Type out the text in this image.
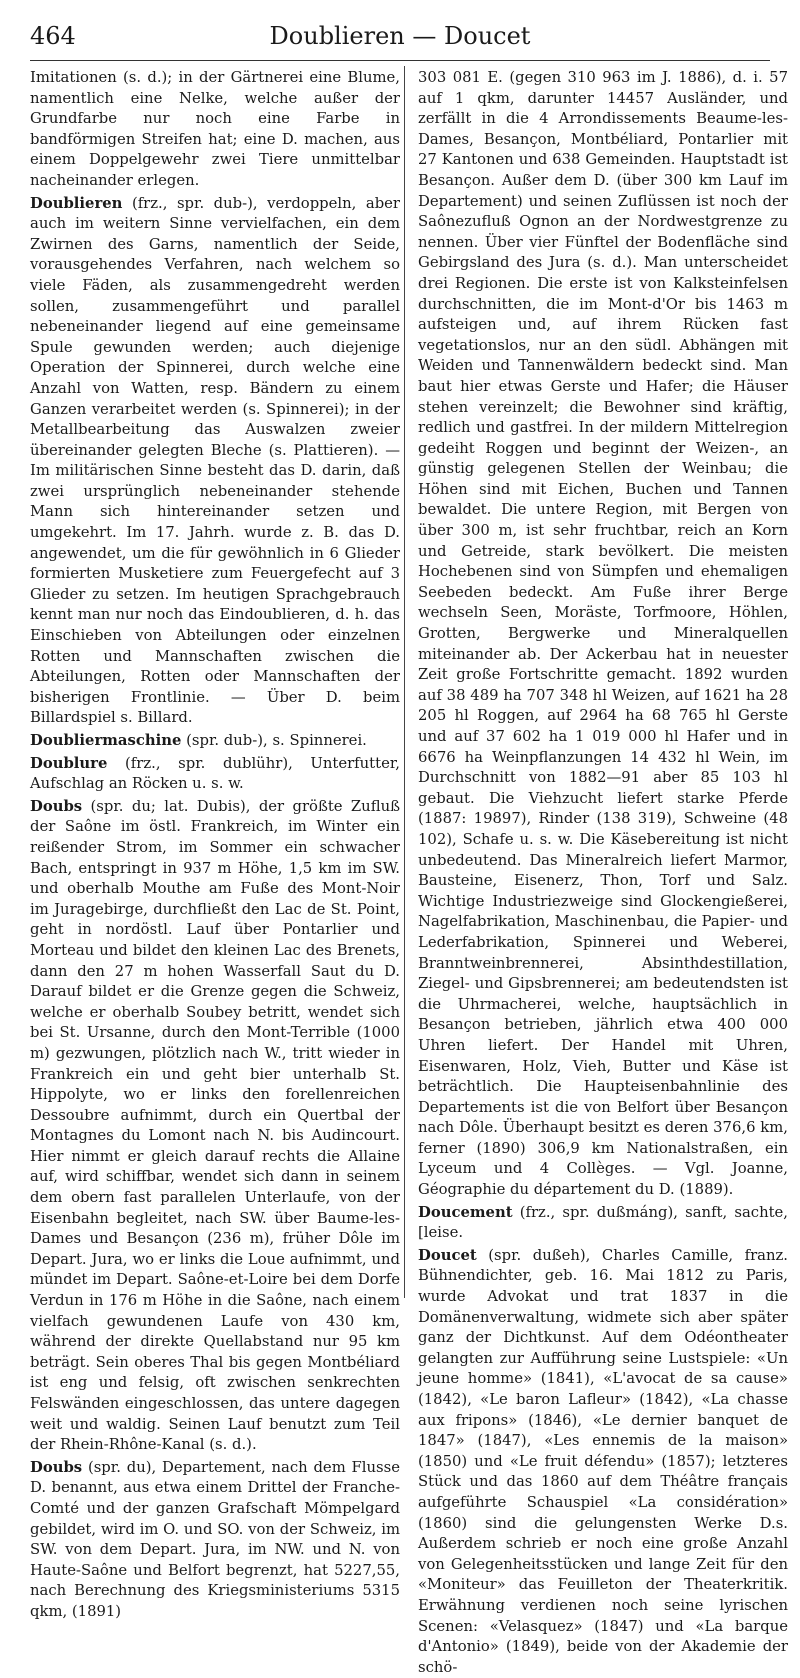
464	Doublieren — Doucet

Imitationen (s. d.); in der Gärtnerei eine Blume, namentlich eine Nelke, welche außer der Grundfarbe nur noch eine Farbe in bandförmigen Streifen hat; eine D. machen, aus einem Doppelgewehr zwei Tiere unmittelbar nacheinander erlegen.

Doublieren (frz., spr. dub-), verdoppeln, aber auch im weitern Sinne vervielfachen, ein dem Zwirnen des Garns, namentlich der Seide, vorausgehendes Verfahren, nach welchem so viele Fäden, als zusammengedreht werden sollen, zusammengeführt und parallel nebeneinander liegend auf eine gemeinsame Spule gewunden werden; auch diejenige Operation der Spinnerei, durch welche eine Anzahl von Watten, resp. Bändern zu einem Ganzen verarbeitet werden (s. Spinnerei); in der Metallbearbeitung das Auswalzen zweier übereinander gelegten Bleche (s. Plattieren). — Im militärischen Sinne besteht das D. darin, daß zwei ursprünglich nebeneinander stehende Mann sich hintereinander setzen und umgekehrt. Im 17. Jahrh. wurde z. B. das D. angewendet, um die für gewöhnlich in 6 Glieder formierten Musketiere zum Feuergefecht auf 3 Glieder zu setzen. Im heutigen Sprachgebrauch kennt man nur noch das Eindoublieren, d. h. das Einschieben von Abteilungen oder einzelnen Rotten und Mannschaften zwischen die Abteilungen, Rotten oder Mannschaften der bisherigen Frontlinie. — Über D. beim Billardspiel s. Billard.

Doubliermaschine (spr. dub-), s. Spinnerei.

Doublure (frz., spr. dublühr), Unterfutter, Aufschlag an Röcken u. s. w.

Doubs (spr. du; lat. Dubis), der größte Zufluß der Saône im östl. Frankreich, im Winter ein reißender Strom, im Sommer ein schwacher Bach, entspringt in 937 m Höhe, 1,5 km im SW. und oberhalb Mouthe am Fuße des Mont-Noir im Juragebirge, durchfließt den Lac de St. Point, geht in nordöstl. Lauf über Pontarlier und Morteau und bildet den kleinen Lac des Brenets, dann den 27 m hohen Wasserfall Saut du D. Darauf bildet er die Grenze gegen die Schweiz, welche er oberhalb Soubey betritt, wendet sich bei St. Ursanne, durch den Mont-Terrible (1000 m) gezwungen, plötzlich nach W., tritt wieder in Frankreich ein und geht bier unterhalb St. Hippolyte, wo er links den forellenreichen Dessoubre aufnimmt, durch ein Quertbal der Montagnes du Lomont nach N. bis Audincourt. Hier nimmt er gleich darauf rechts die Allaine auf, wird schiffbar, wendet sich dann in seinem dem obern fast parallelen Unterlaufe, von der Eisenbahn begleitet, nach SW. über Baume-les-Dames und Besançon (236 m), früher Dôle im Depart. Jura, wo er links die Loue aufnimmt, und mündet im Depart. Saône-et-Loire bei dem Dorfe Verdun in 176 m Höhe in die Saône, nach einem vielfach gewundenen Laufe von 430 km, während der direkte Quellabstand nur 95 km beträgt. Sein oberes Thal bis gegen Montbéliard ist eng und felsig, oft zwischen senkrechten Felswänden eingeschlossen, das untere dagegen weit und waldig. Seinen Lauf benutzt zum Teil der Rhein-Rhône-Kanal (s. d.).

Doubs (spr. du), Departement, nach dem Flusse D. benannt, aus etwa einem Drittel der Franche-Comté und der ganzen Grafschaft Mömpelgard gebildet, wird im O. und SO. von der Schweiz, im SW. von dem Depart. Jura, im NW. und N. von Haute-Saône und Belfort begrenzt, hat 5227,55, nach Berechnung des Kriegsministeriums 5315 qkm, (1891)

303 081 E. (gegen 310 963 im J. 1886), d. i. 57 auf 1 qkm, darunter 14457 Ausländer, und zerfällt in die 4 Arrondissements Beaume-les-Dames, Besançon, Montbéliard, Pontarlier mit 27 Kantonen und 638 Gemeinden. Hauptstadt ist Besançon. Außer dem D. (über 300 km Lauf im Departement) und seinen Zuflüssen ist noch der Saônezufluß Ognon an der Nordwestgrenze zu nennen. Über vier Fünftel der Bodenfläche sind Gebirgsland des Jura (s. d.). Man unterscheidet drei Regionen. Die erste ist von Kalksteinfelsen durchschnitten, die im Mont-d'Or bis 1463 m aufsteigen und, auf ihrem Rücken fast vegetationslos, nur an den südl. Abhängen mit Weiden und Tannenwäldern bedeckt sind. Man baut hier etwas Gerste und Hafer; die Häuser stehen vereinzelt; die Bewohner sind kräftig, redlich und gastfrei. In der mildern Mittelregion gedeiht Roggen und beginnt der Weizen-, an günstig gelegenen Stellen der Weinbau; die Höhen sind mit Eichen, Buchen und Tannen bewaldet. Die untere Region, mit Bergen von über 300 m, ist sehr fruchtbar, reich an Korn und Getreide, stark bevölkert. Die meisten Hochebenen sind von Sümpfen und ehemaligen Seebeden bedeckt. Am Fuße ihrer Berge wechseln Seen, Moräste, Torfmoore, Höhlen, Grotten, Bergwerke und Mineralquellen miteinander ab. Der Ackerbau hat in neuester Zeit große Fortschritte gemacht. 1892 wurden auf 38 489 ha 707 348 hl Weizen, auf 1621 ha 28 205 hl Roggen, auf 2964 ha 68 765 hl Gerste und auf 37 602 ha 1 019 000 hl Hafer und in 6676 ha Weinpflanzungen 14 432 hl Wein, im Durchschnitt von 1882—91 aber 85 103 hl gebaut. Die Viehzucht liefert starke Pferde (1887: 19897), Rinder (138 319), Schweine (48 102), Schafe u. s. w. Die Käsebereitung ist nicht unbedeutend. Das Mineralreich liefert Marmor, Bausteine, Eisenerz, Thon, Torf und Salz. Wichtige Industriezweige sind Glockengießerei, Nagelfabrikation, Maschinenbau, die Papier- und Lederfabrikation, Spinnerei und Weberei, Branntweinbrennerei, Absinthdestillation, Ziegel- und Gipsbrennerei; am bedeutendsten ist die Uhrmacherei, welche, hauptsächlich in Besançon betrieben, jährlich etwa 400 000 Uhren liefert. Der Handel mit Uhren, Eisenwaren, Holz, Vieh, Butter und Käse ist beträchtlich. Die Haupteisenbahnlinie des Departements ist die von Belfort über Besançon nach Dôle. Überhaupt besitzt es deren 376,6 km, ferner (1890) 306,9 km Nationalstraßen, ein Lyceum und 4 Collèges. — Vgl. Joanne, Géographie du département du D. (1889).

Doucement (frz., spr. dußmáng), sanft, sachte, [leise.

Doucet (spr. dußeh), Charles Camille, franz. Bühnendichter, geb. 16. Mai 1812 zu Paris, wurde Advokat und trat 1837 in die Domänenverwaltung, widmete sich aber später ganz der Dichtkunst. Auf dem Odéontheater gelangten zur Aufführung seine Lustspiele: «Un jeune homme» (1841), «L'avocat de sa cause» (1842), «Le baron Lafleur» (1842), «La chasse aux fripons» (1846), «Le dernier banquet de 1847» (1847), «Les ennemis de la maison» (1850) und «Le fruit défendu» (1857); letzteres Stück und das 1860 auf dem Théâtre français aufgeführte Schauspiel «La considération» (1860) sind die gelungensten Werke D.s. Außerdem schrieb er noch eine große Anzahl von Gelegenheitsstücken und lange Zeit für den «Moniteur» das Feuilleton der Theaterkritik. Erwähnung verdienen noch seine lyrischen Scenen: «Velasquez» (1847) und «La barque d'Antonio» (1849), beide von der Akademie der schö-
